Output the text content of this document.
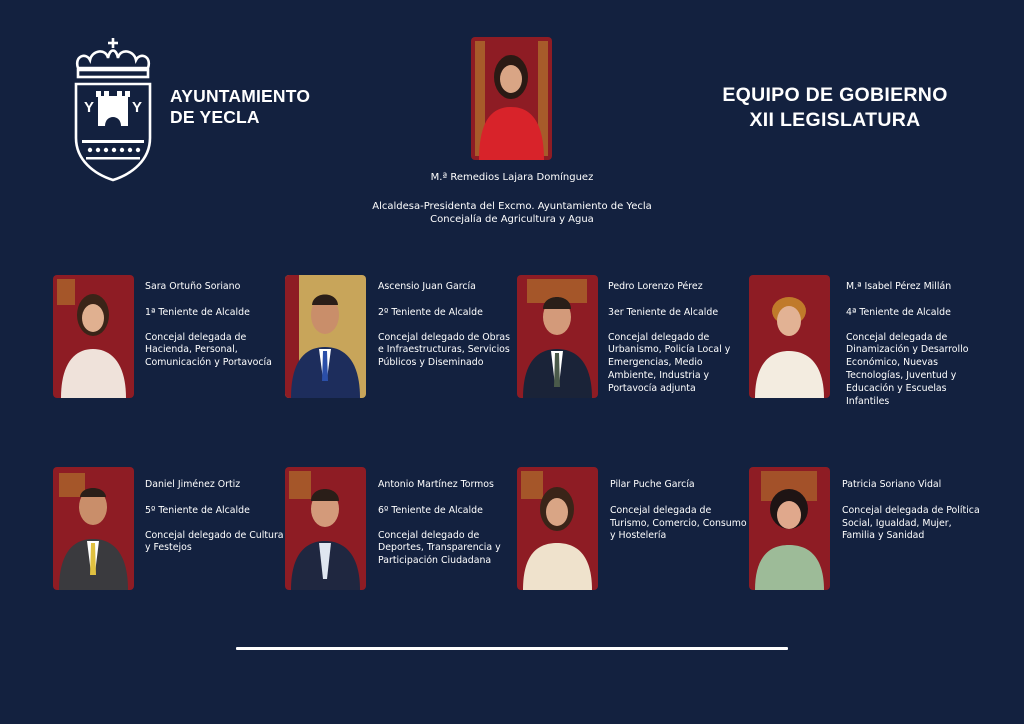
Y	Y
AYUNTAMIENTO
DE YECLA
EQUIPO DE GOBIERNO
XII LEGISLATURA
M.ª Remedios Lajara Domínguez
Alcaldesa-Presidenta del Excmo. Ayuntamiento de Yecla
Concejalía de Agricultura y Agua
Sara Ortuño Soriano
1ª Teniente de Alcalde
Concejal delegada de Hacienda, Personal, Comunicación y Portavocía
Ascensio Juan García
2º Teniente de Alcalde
Concejal delegado de Obras e Infraestructuras, Servicios Públicos y Diseminado
Pedro Lorenzo Pérez
3er Teniente de Alcalde
Concejal delegado de Urbanismo, Policía Local y Emergencias, Medio Ambiente, Industria y Portavocía adjunta
M.ª Isabel Pérez Millán
4ª Teniente de Alcalde
Concejal delegada de Dinamización y Desarrollo Económico, Nuevas Tecnologías, Juventud y Educación y Escuelas Infantiles
Daniel Jiménez Ortiz
5º Teniente de Alcalde
Concejal delegado de Cultura y Festejos
Antonio Martínez Tormos
6º Teniente de Alcalde
Concejal delegado de Deportes, Transparencia y Participación Ciudadana
Pilar Puche García
Concejal delegada de Turismo, Comercio, Consumo y Hostelería
Patricia Soriano Vidal
Concejal delegada de Política Social, Igualdad, Mujer, Familia y Sanidad
